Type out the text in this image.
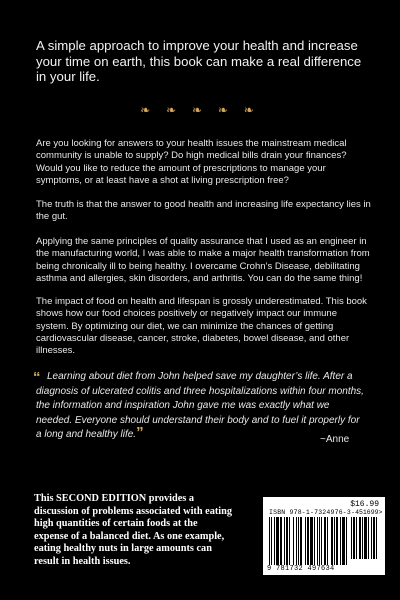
A simple approach to improve your health and increase your time on earth, this book can make a real difference in your life.

❧ ❧ ❧ ❧ ❧

Are you looking for answers to your health issues the mainstream medical community is unable to supply? Do high medical bills drain your finances? Would you like to reduce the amount of prescriptions to manage your symptoms, or at least have a shot at living prescription free?

The truth is that the answer to good health and increasing life expectancy lies in the gut.

Applying the same principles of quality assurance that I used as an engineer in the manufacturing world, I was able to make a major health transformation from being chronically ill to being healthy. I overcame Crohn’s Disease, debilitating asthma and allergies, skin disorders, and arthritis. You can do the same thing!

The impact of food on health and lifespan is grossly underestimated. This book shows how our food choices positively or negatively impact our immune system. By optimizing our diet, we can minimize the chances of getting cardiovascular disease, cancer, stroke, diabetes, bowel disease, and other illnesses.

“ Learning about diet from John helped save my daughter’s life. After a diagnosis of ulcerated colitis and three hospitalizations within four months, the information and inspiration John gave me was exactly what we needed. Everyone should understand their body and to fuel it properly for a long and healthy life.”	~Anne

This SECOND EDITION provides a discussion of problems associated with eating high quantities of certain foods at the expense of a balanced diet. As one example, eating healthy nuts in large amounts can result in health issues.

$16.99
ISBN 978-1-7324976-3-4 51699>
9 781732 497634
